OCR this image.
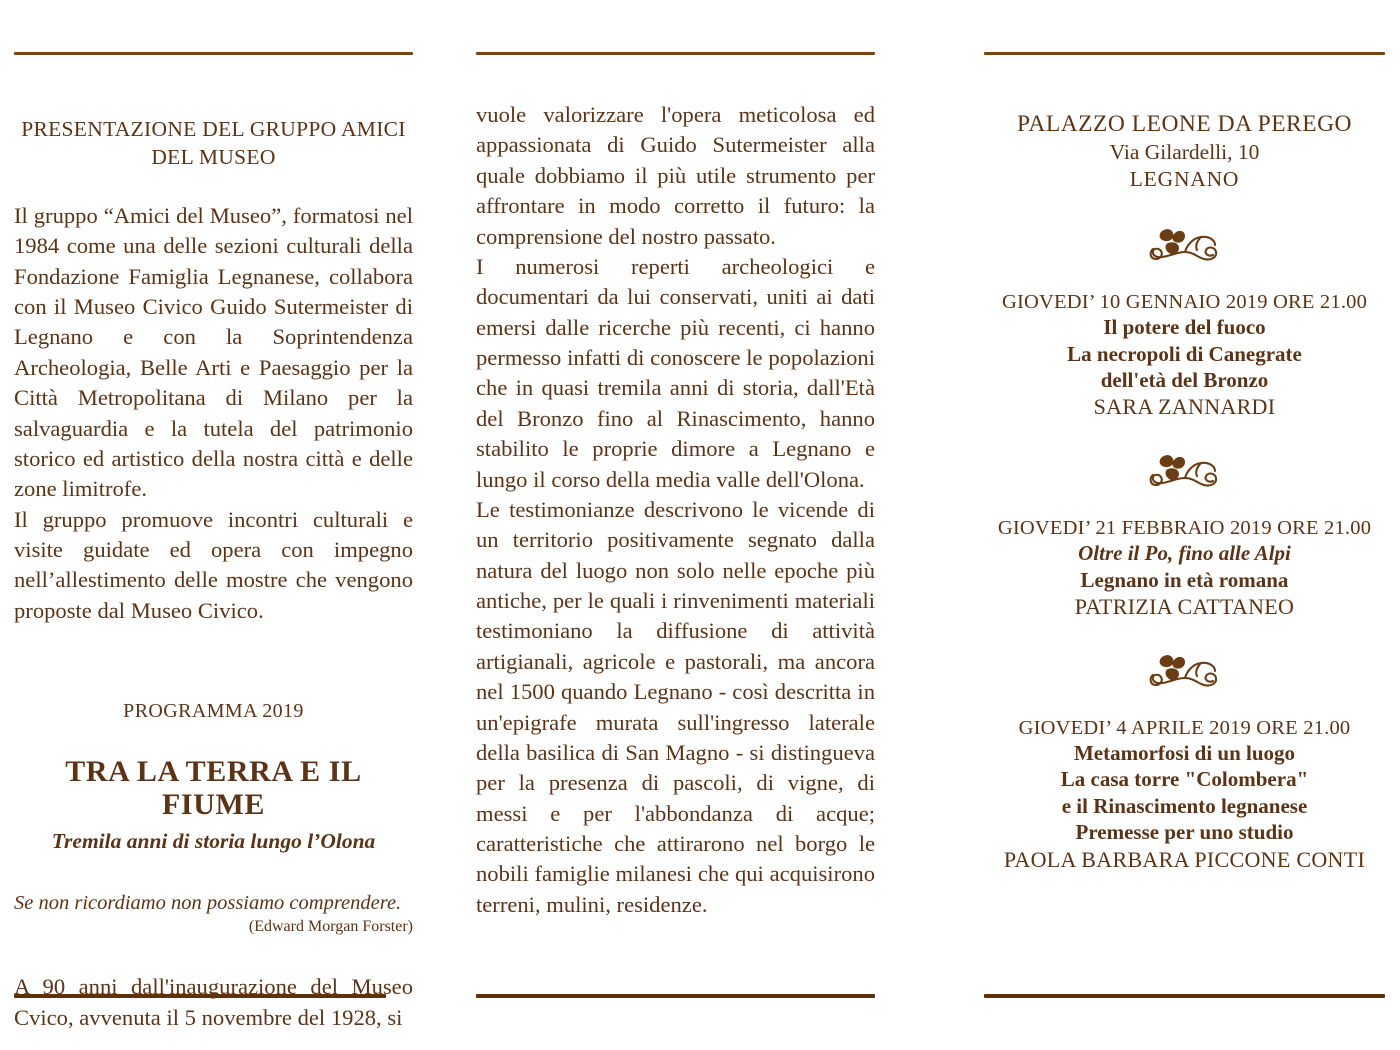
PRESENTAZIONE DEL GRUPPO AMICI
DEL MUSEO

Il gruppo “Amici del Museo”, formatosi nel 1984 come una delle sezioni culturali della Fondazione Famiglia Legnanese, collabora con il Museo Civico Guido Sutermeister di Legnano e con la Soprintendenza Archeologia, Belle Arti e Paesaggio per la Città Metropolitana di Milano per la salvaguardia e la tutela del patrimonio storico ed artistico della nostra città e delle zone limitrofe.

Il gruppo promuove incontri culturali e visite guidate ed opera con impegno nell’allestimento delle mostre che vengono proposte dal Museo Civico.

PROGRAMMA 2019

TRA LA TERRA E IL FIUME

Tremila anni di storia lungo l’Olona

Se non ricordiamo non possiamo comprendere.

(Edward Morgan Forster)

A 90 anni dall'inaugurazione del Museo Cvico, avvenuta il 5 novembre del 1928, si

vuole valorizzare l'opera meticolosa ed appassionata di Guido Sutermeister alla quale dobbiamo il più utile strumento per affrontare in modo corretto il futuro: la comprensione del nostro passato.

I numerosi reperti archeologici e documentari da lui conservati, uniti ai dati emersi dalle ricerche più recenti, ci hanno permesso infatti di conoscere le popolazioni che in quasi tremila anni di storia, dall'Età del Bronzo fino al Rinascimento, hanno stabilito le proprie dimore a Legnano e lungo il corso della media valle dell'Olona.

Le testimonianze descrivono le vicende di un territorio positivamente segnato dalla natura del luogo non solo nelle epoche più antiche, per le quali i rinvenimenti materiali testimoniano la diffusione di attività artigianali, agricole e pastorali, ma ancora nel 1500 quando Legnano - così descritta in un'epigrafe murata sull'ingresso laterale della basilica di San Magno - si distingueva per la presenza di pascoli, di vigne, di messi e per l'abbondanza di acque; caratteristiche che attirarono nel borgo le nobili famiglie milanesi che qui acquisirono terreni, mulini, residenze.

PALAZZO LEONE DA PEREGO
Via Gilardelli, 10
LEGNANO

GIOVEDI’ 10 GENNAIO 2019 ORE 21.00

Il potere del fuoco

La necropoli di Canegrate

dell'età del Bronzo

SARA ZANNARDI

GIOVEDI’ 21 FEBBRAIO 2019 ORE 21.00

Oltre il Po, fino alle Alpi

Legnano in età romana

PATRIZIA CATTANEO

GIOVEDI’ 4 APRILE 2019 ORE 21.00

Metamorfosi di un luogo

La casa torre "Colombera"

e il Rinascimento legnanese

Premesse per uno studio

PAOLA BARBARA PICCONE CONTI
